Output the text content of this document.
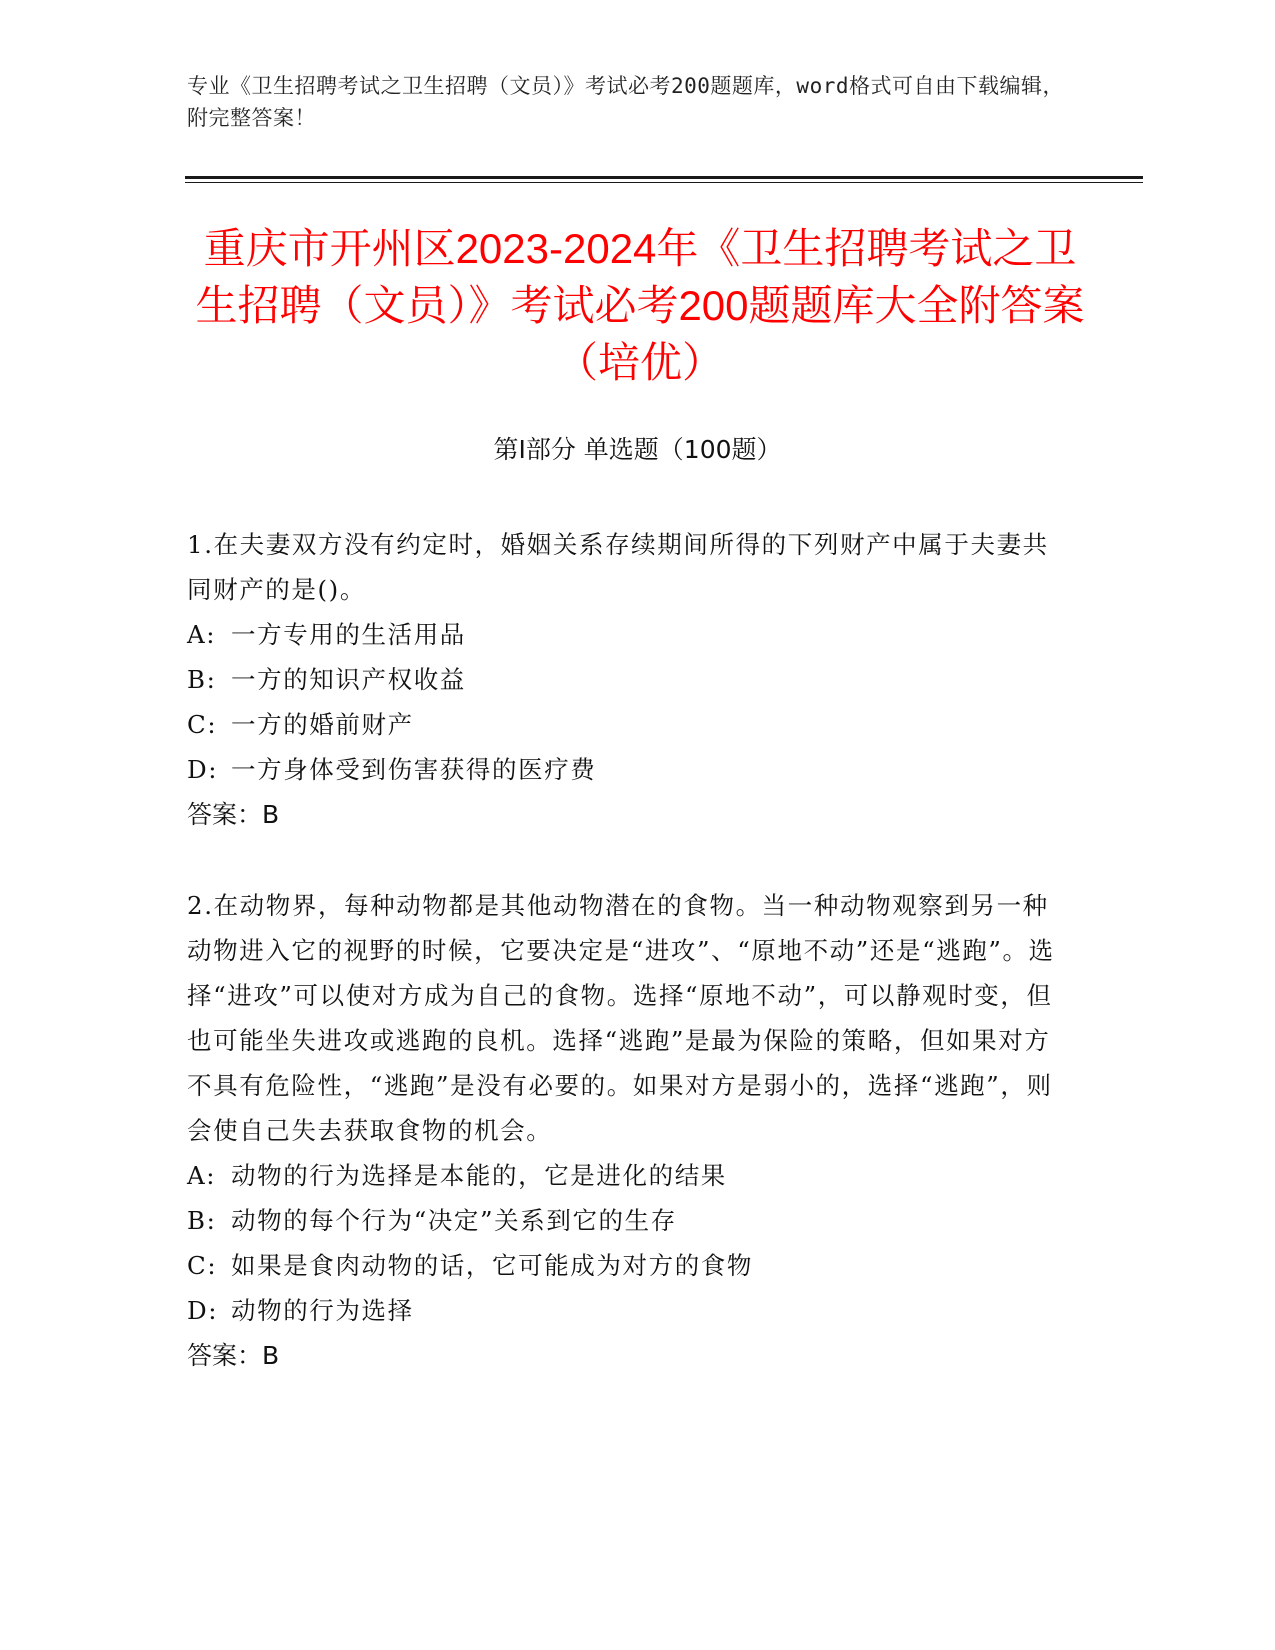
专业《卫生招聘考试之卫生招聘（文员）》考试必考200题题库，word格式可自由下载编辑，附完整答案！
重庆市开州区2023-2024年《卫生招聘考试之卫生招聘（文员）》考试必考200题题库大全附答案（培优）
第Ⅰ部分 单选题（100题）
1.在夫妻双方没有约定时，婚姻关系存续期间所得的下列财产中属于夫妻共同财产的是()。
A: 一方专用的生活用品
B: 一方的知识产权收益
C: 一方的婚前财产
D: 一方身体受到伤害获得的医疗费
答案：B
2.在动物界，每种动物都是其他动物潜在的食物。当一种动物观察到另一种动物进入它的视野的时候，它要决定是“进攻”、“原地不动”还是“逃跑”。选择“进攻”可以使对方成为自己的食物。选择“原地不动”，可以静观时变，但也可能坐失进攻或逃跑的良机。选择“逃跑”是最为保险的策略，但如果对方不具有危险性，“逃跑”是没有必要的。如果对方是弱小的，选择“逃跑”，则会使自己失去获取食物的机会。
A: 动物的行为选择是本能的，它是进化的结果
B: 动物的每个行为“决定”关系到它的生存
C: 如果是食肉动物的话，它可能成为对方的食物
D: 动物的行为选择
答案：B
